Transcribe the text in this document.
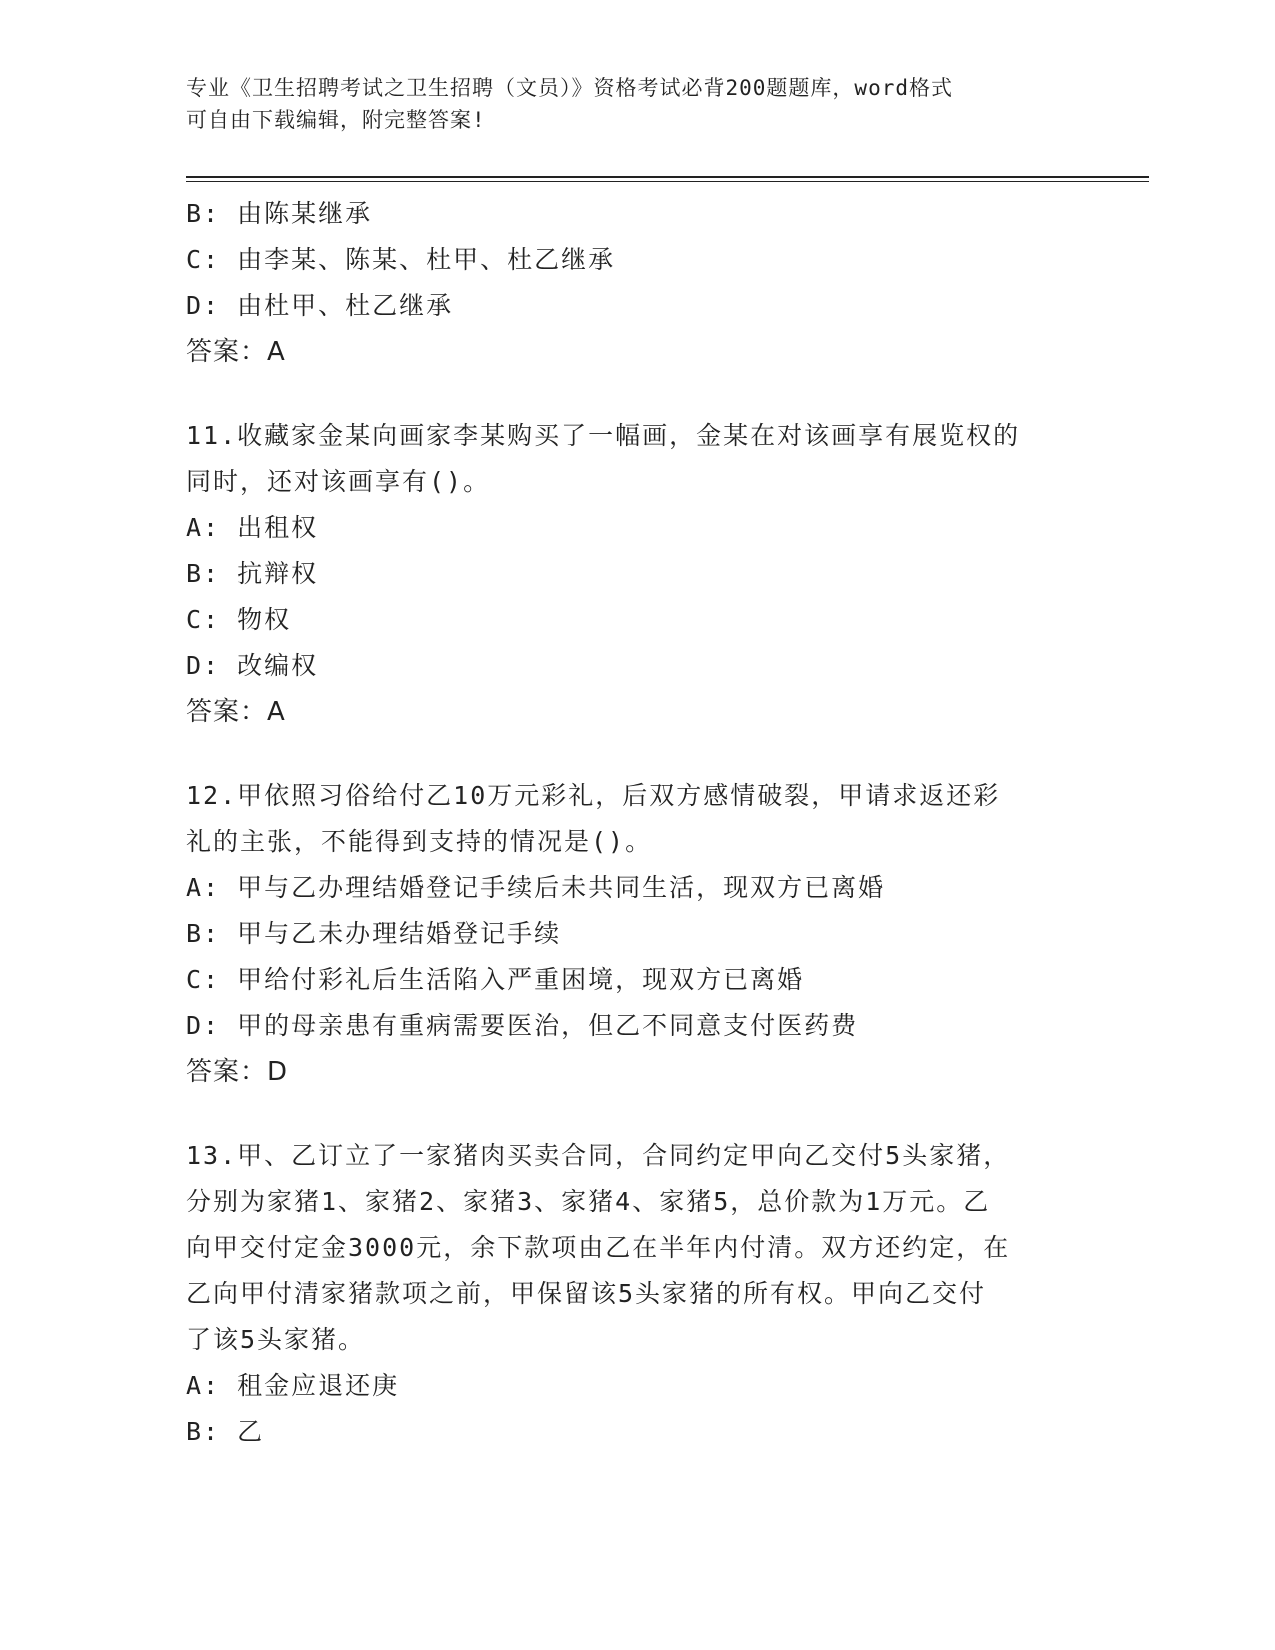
专业《卫生招聘考试之卫生招聘（文员）》资格考试必背200题题库，word格式
可自由下载编辑，附完整答案!
B: 由陈某继承
C: 由李某、陈某、杜甲、杜乙继承
D: 由杜甲、杜乙继承
答案：A
11.收藏家金某向画家李某购买了一幅画，金某在对该画享有展览权的
同时，还对该画享有()。
A: 出租权
B: 抗辩权
C: 物权
D: 改编权
答案：A
12.甲依照习俗给付乙10万元彩礼，后双方感情破裂，甲请求返还彩
礼的主张，不能得到支持的情况是()。
A: 甲与乙办理结婚登记手续后未共同生活，现双方已离婚
B: 甲与乙未办理结婚登记手续
C: 甲给付彩礼后生活陷入严重困境，现双方已离婚
D: 甲的母亲患有重病需要医治，但乙不同意支付医药费
答案：D
13.甲、乙订立了一家猪肉买卖合同，合同约定甲向乙交付5头家猪，
分别为家猪1、家猪2、家猪3、家猪4、家猪5，总价款为1万元。乙
向甲交付定金3000元，余下款项由乙在半年内付清。双方还约定，在
乙向甲付清家猪款项之前，甲保留该5头家猪的所有权。甲向乙交付
了该5头家猪。
A: 租金应退还庚
B: 乙
